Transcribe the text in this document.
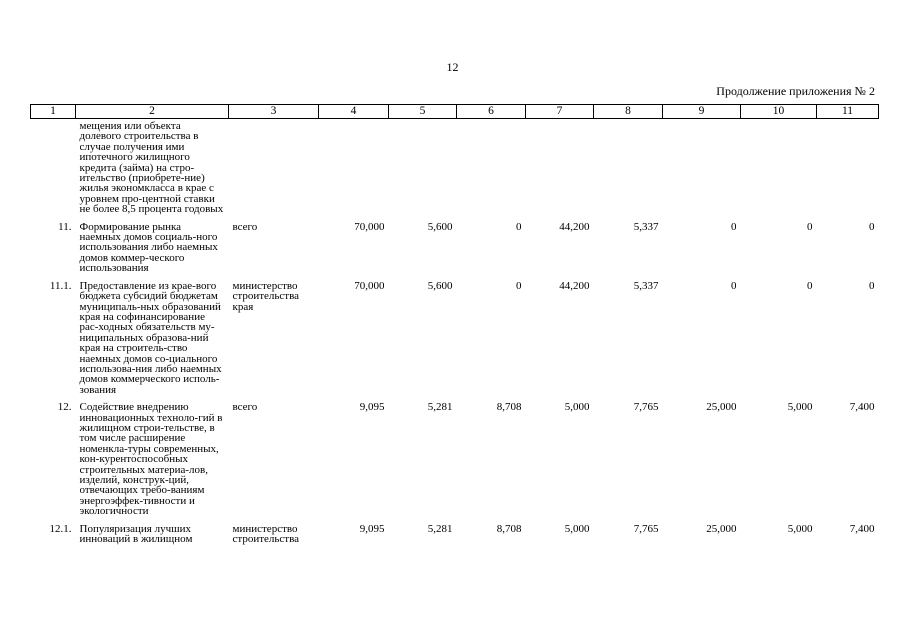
12
Продолжение приложения № 2
1	2	3	4	5	6	7	8	9	10	11
	мещения или объекта долевого строительства в случае получения ими ипотечного жилищного кредита (займа) на стро-ительство (приобрете-ние) жилья экономкласса в крае с уровнем про-центной ставки не более 8,5 процента годовых									
11.	Формирование рынка наемных домов социаль-ного использования либо наемных домов коммер-ческого использования	всего	70,000	5,600	0	44,200	5,337	0	0	0
11.1.	Предоставление из крае-вого бюджета субсидий бюджетам муниципаль-ных образований края на софинансирование рас-ходных обязательств му-ниципальных образова-ний края на строитель-ство наемных домов со-циального использова-ния либо наемных домов коммерческого исполь-зования	министерство строительства края	70,000	5,600	0	44,200	5,337	0	0	0
12.	Содействие внедрению инновационных техноло-гий в жилищном строи-тельстве, в том числе расширение номенкла-туры современных, кон-курентоспособных строительных материа-лов, изделий, конструк-ций, отвечающих требо-ваниям энергоэффек-тивности и экологичности	всего	9,095	5,281	8,708	5,000	7,765	25,000	5,000	7,400
12.1.	Популяризация лучших инноваций в жилищном	министерство строительства	9,095	5,281	8,708	5,000	7,765	25,000	5,000	7,400
